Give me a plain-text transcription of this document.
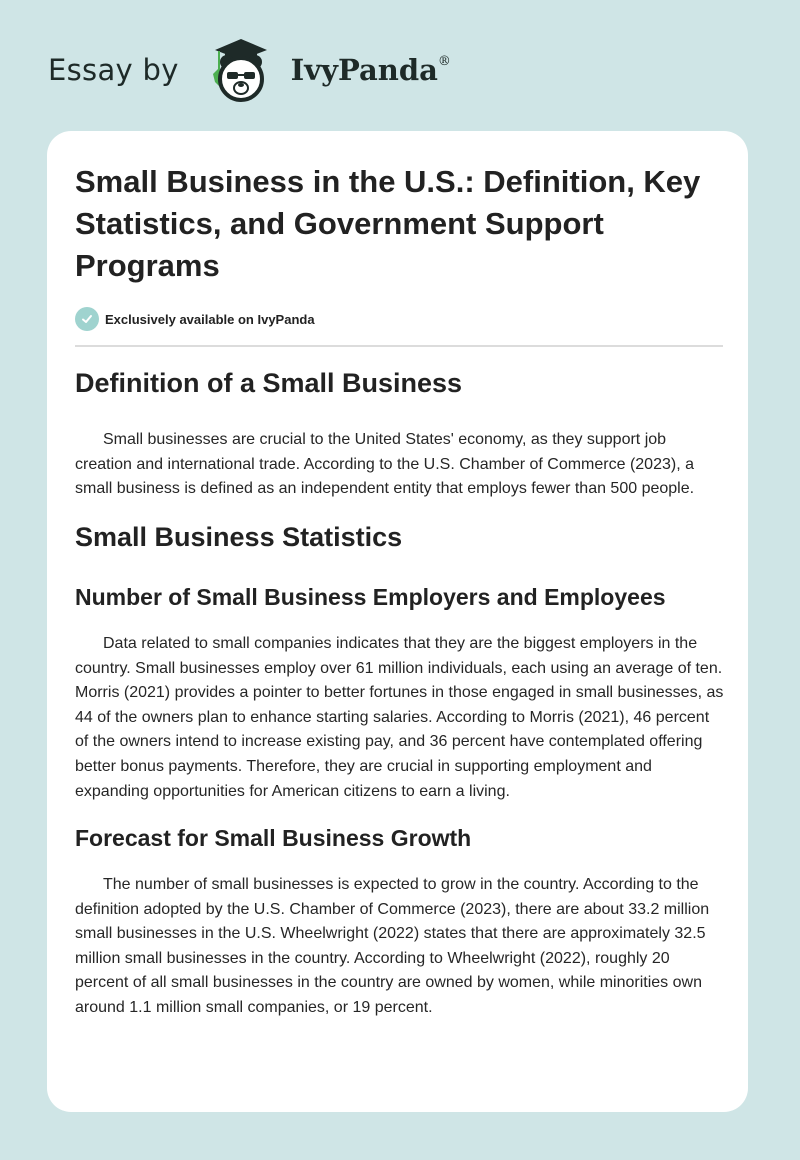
Essay by	IvyPanda®
Small Business in the U.S.: Definition, Key Statistics, and Government Support Programs
Exclusively available on IvyPanda
Definition of a Small Business

Small businesses are crucial to the United States' economy, as they support job creation and international trade. According to the U.S. Chamber of Commerce (2023), a small business is defined as an independent entity that employs fewer than 500 people.

Small Business Statistics
Number of Small Business Employers and Employees

Data related to small companies indicates that they are the biggest employers in the country. Small businesses employ over 61 million individuals, each using an average of ten. Morris (2021) provides a pointer to better fortunes in those engaged in small businesses, as 44 of the owners plan to enhance starting salaries. According to Morris (2021), 46 percent of the owners intend to increase existing pay, and 36 percent have contemplated offering better bonus payments. Therefore, they are crucial in supporting employment and expanding opportunities for American citizens to earn a living.

Forecast for Small Business Growth

The number of small businesses is expected to grow in the country. According to the definition adopted by the U.S. Chamber of Commerce (2023), there are about 33.2 million small businesses in the U.S. Wheelwright (2022) states that there are approximately 32.5 million small businesses in the country. According to Wheelwright (2022), roughly 20 percent of all small businesses in the country are owned by women, while minorities own around 1.1 million small companies, or 19 percent.
